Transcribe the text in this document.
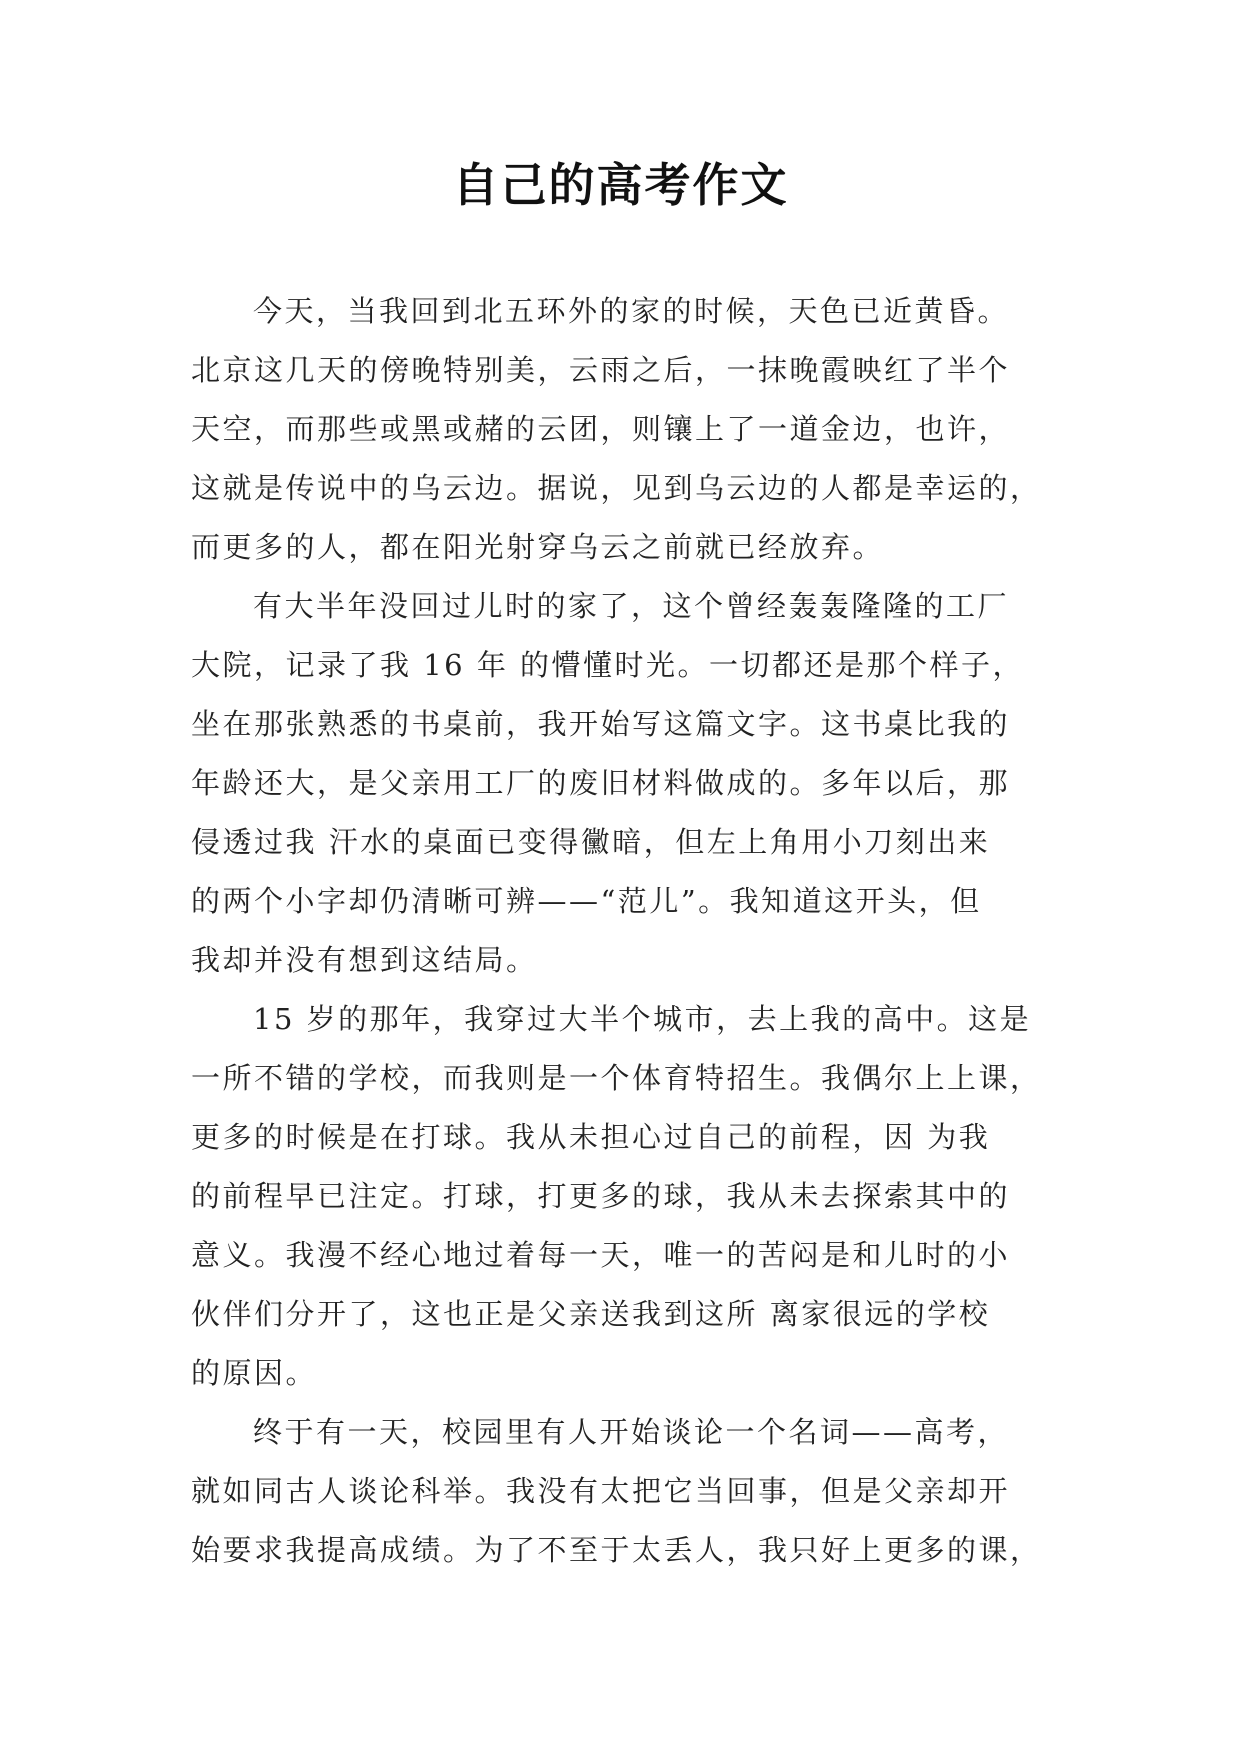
自己的高考作文

今天，当我回到北五环外的家的时候，天色已近黄昏。
北京这几天的傍晚特别美，云雨之后，一抹晚霞映红了半个
天空，而那些或黑或赭的云团，则镶上了一道金边，也许，
这就是传说中的乌云边。据说，见到乌云边的人都是幸运的，
而更多的人，都在阳光射穿乌云之前就已经放弃。

有大半年没回过儿时的家了，这个曾经轰轰隆隆的工厂
大院，记录了我 16 年 的懵懂时光。一切都还是那个样子，
坐在那张熟悉的书桌前，我开始写这篇文字。这书桌比我的
年龄还大，是父亲用工厂的废旧材料做成的。多年以后，那
侵透过我 汗水的桌面已变得黴暗，但左上角用小刀刻出来
的两个小字却仍清晰可辨——“范儿”。我知道这开头，但
我却并没有想到这结局。

15 岁的那年，我穿过大半个城市，去上我的高中。这是
一所不错的学校，而我则是一个体育特招生。我偶尔上上课，
更多的时候是在打球。我从未担心过自己的前程，因 为我
的前程早已注定。打球，打更多的球，我从未去探索其中的
意义。我漫不经心地过着每一天，唯一的苦闷是和儿时的小
伙伴们分开了，这也正是父亲送我到这所 离家很远的学校
的原因。

终于有一天，校园里有人开始谈论一个名词——高考，
就如同古人谈论科举。我没有太把它当回事，但是父亲却开
始要求我提高成绩。为了不至于太丢人，我只好上更多的课，
